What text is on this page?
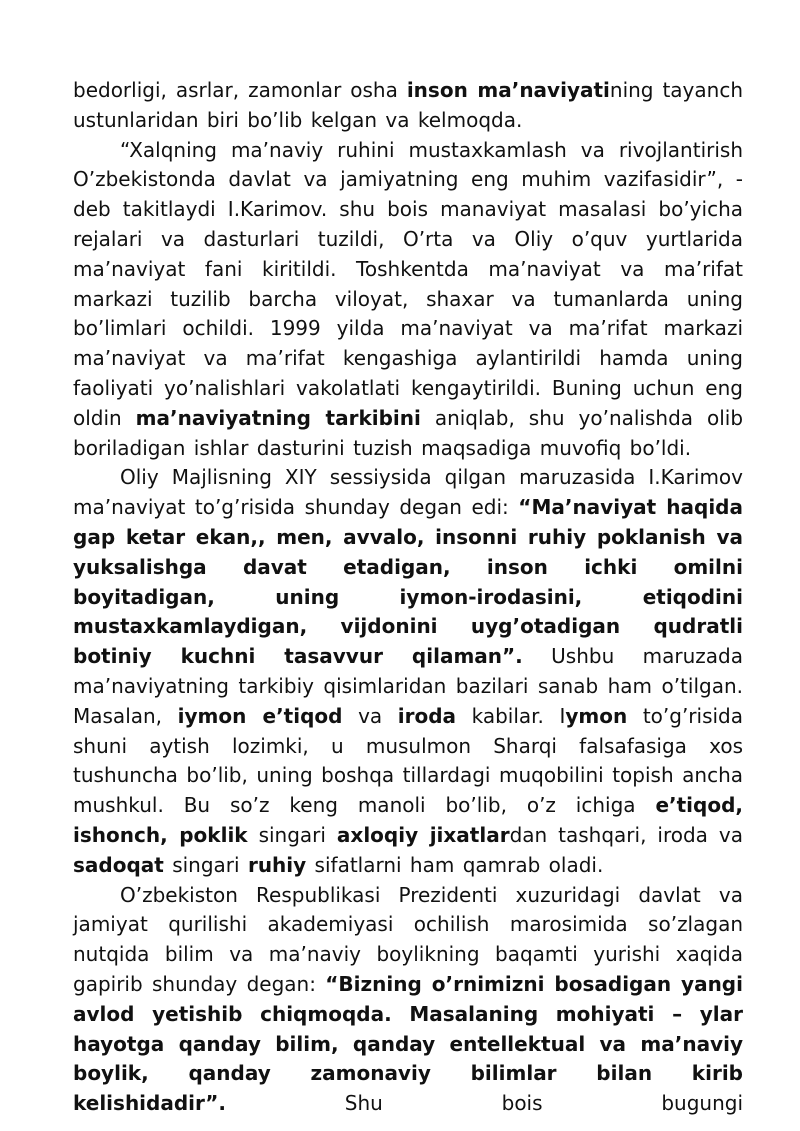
bedorligi, asrlar, zamonlar osha inson ma’naviyatining tayanch ustunlaridan biri bo’lib kelgan va kelmoqda.

“Xalqning ma’naviy ruhini mustaxkamlash va rivojlantirish O’zbekistonda davlat va jamiyatning eng muhim vazifasidir”, - deb takitlaydi I.Karimov. shu bois manaviyat masalasi bo’yicha rejalari va dasturlari tuzildi, O’rta va Oliy o’quv yurtlarida ma’naviyat fani kiritildi. Toshkentda ma’naviyat va ma’rifat markazi tuzilib barcha viloyat, shaxar va tumanlarda uning bo’limlari ochildi. 1999 yilda ma’naviyat va ma’rifat markazi ma’naviyat va ma’rifat kengashiga aylantirildi hamda uning faoliyati yo’nalishlari vakolatlati kengaytirildi. Buning uchun eng oldin ma’naviyatning tarkibini aniqlab, shu yo’nalishda olib boriladigan ishlar dasturini tuzish maqsadiga muvofiq bo’ldi.

Oliy Majlisning XIY sessiysida qilgan maruzasida I.Karimov ma’naviyat to’g’risida shunday degan edi: “Ma’naviyat haqida gap ketar ekan,, men, avvalo, insonni ruhiy poklanish va yuksalishga davat etadigan, inson ichki omilni boyitadigan, uning iymon-irodasini, etiqodini mustaxkamlaydigan, vijdonini uyg’otadigan qudratli botiniy kuchni tasavvur qilaman”. Ushbu maruzada ma’naviyatning tarkibiy qisimlaridan bazilari sanab ham o’tilgan. Masalan, iymon e’tiqod va iroda kabilar. Iymon to’g’risida shuni aytish lozimki, u musulmon Sharqi falsafasiga xos tushuncha bo’lib, uning boshqa tillardagi muqobilini topish ancha mushkul. Bu so’z keng manoli bo’lib, o’z ichiga e’tiqod, ishonch, poklik singari axloqiy jixatlardan tashqari, iroda va sadoqat singari ruhiy sifatlarni ham qamrab oladi.

O’zbekiston Respublikasi Prezidenti xuzuridagi davlat va jamiyat qurilishi akademiyasi ochilish marosimida so’zlagan nutqida bilim va ma’naviy boylikning baqamti yurishi xaqida gapirib shunday degan: “Bizning o’rnimizni bosadigan yangi avlod yetishib chiqmoqda. Masalaning mohiyati – ylar hayotga qanday bilim, qanday entellektual va ma’naviy boylik, qanday zamonaviy bilimlar bilan kirib kelishidadir”. Shu bois bugungi
